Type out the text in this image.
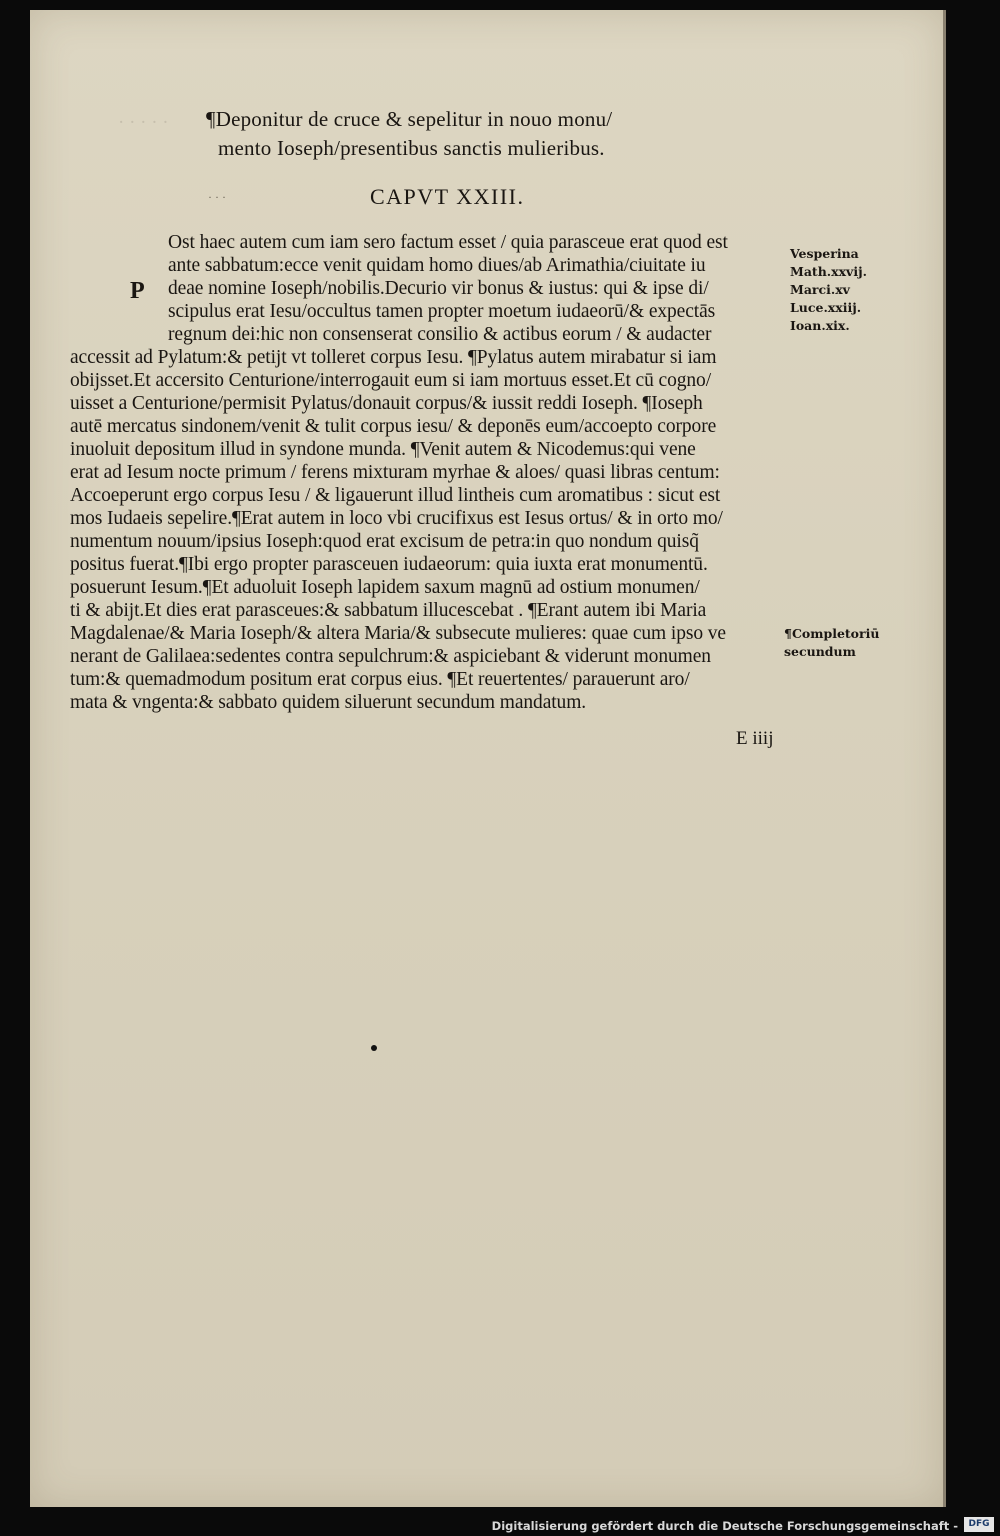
· · · · · ¶Deponitur de cruce & sepelitur in nouo monu/
mento Ioseph/presentibus sanctis mulieribus.
· · ·	CAPVT XXIII.
P
Ost haec autem cum iam sero factum esset / quia parasceue erat quod est
ante sabbatum:ecce venit quidam homo diues/ab Arimathia/ciuitate iu
deae nomine Ioseph/nobilis.Decurio vir bonus & iustus: qui & ipse di/
scipulus erat Iesu/occultus tamen propter moetum iudaeorū/& expectās
regnum dei:hic non consenserat consilio & actibus eorum / & audacter
accessit ad Pylatum:& petijt vt tolleret corpus Iesu. ¶Pylatus autem mirabatur si iam
obijsset.Et accersito Centurione/interrogauit eum si iam mortuus esset.Et cū cogno/
uisset a Centurione/permisit Pylatus/donauit corpus/& iussit reddi Ioseph. ¶Ioseph
autē mercatus sindonem/venit & tulit corpus iesu/ & deponēs eum/accoepto corpore
inuoluit depositum illud in syndone munda. ¶Venit autem & Nicodemus:qui vene
erat ad Iesum nocte primum / ferens mixturam myrhae & aloes/ quasi libras centum:
Accoeperunt ergo corpus Iesu / & ligauerunt illud lintheis cum aromatibus : sicut est
mos Iudaeis sepelire.¶Erat autem in loco vbi crucifixus est Iesus ortus/ & in orto mo/
numentum nouum/ipsius Ioseph:quod erat excisum de petra:in quo nondum quisq̃
positus fuerat.¶Ibi ergo propter parasceuen iudaeorum: quia iuxta erat monumentū.
posuerunt Iesum.¶Et aduoluit Ioseph lapidem saxum magnū ad ostium monumen/
ti & abijt.Et dies erat parasceues:& sabbatum illucescebat . ¶Erant autem ibi Maria
Magdalenae/& Maria Ioseph/& altera Maria/& subsecute mulieres: quae cum ipso ve
nerant de Galilaea:sedentes contra sepulchrum:& aspiciebant & viderunt monumen
tum:& quemadmodum positum erat corpus eius. ¶Et reuertentes/ parauerunt aro/
mata & vngenta:& sabbato quidem siluerunt secundum mandatum.
Vesperina
Math.xxvij.
Marci.xv
Luce.xxiij.
Ioan.xix.
¶Completoriū
secundum
E iiij
Digitalisierung gefördert durch die Deutsche Forschungsgemeinschaft -	DFG
